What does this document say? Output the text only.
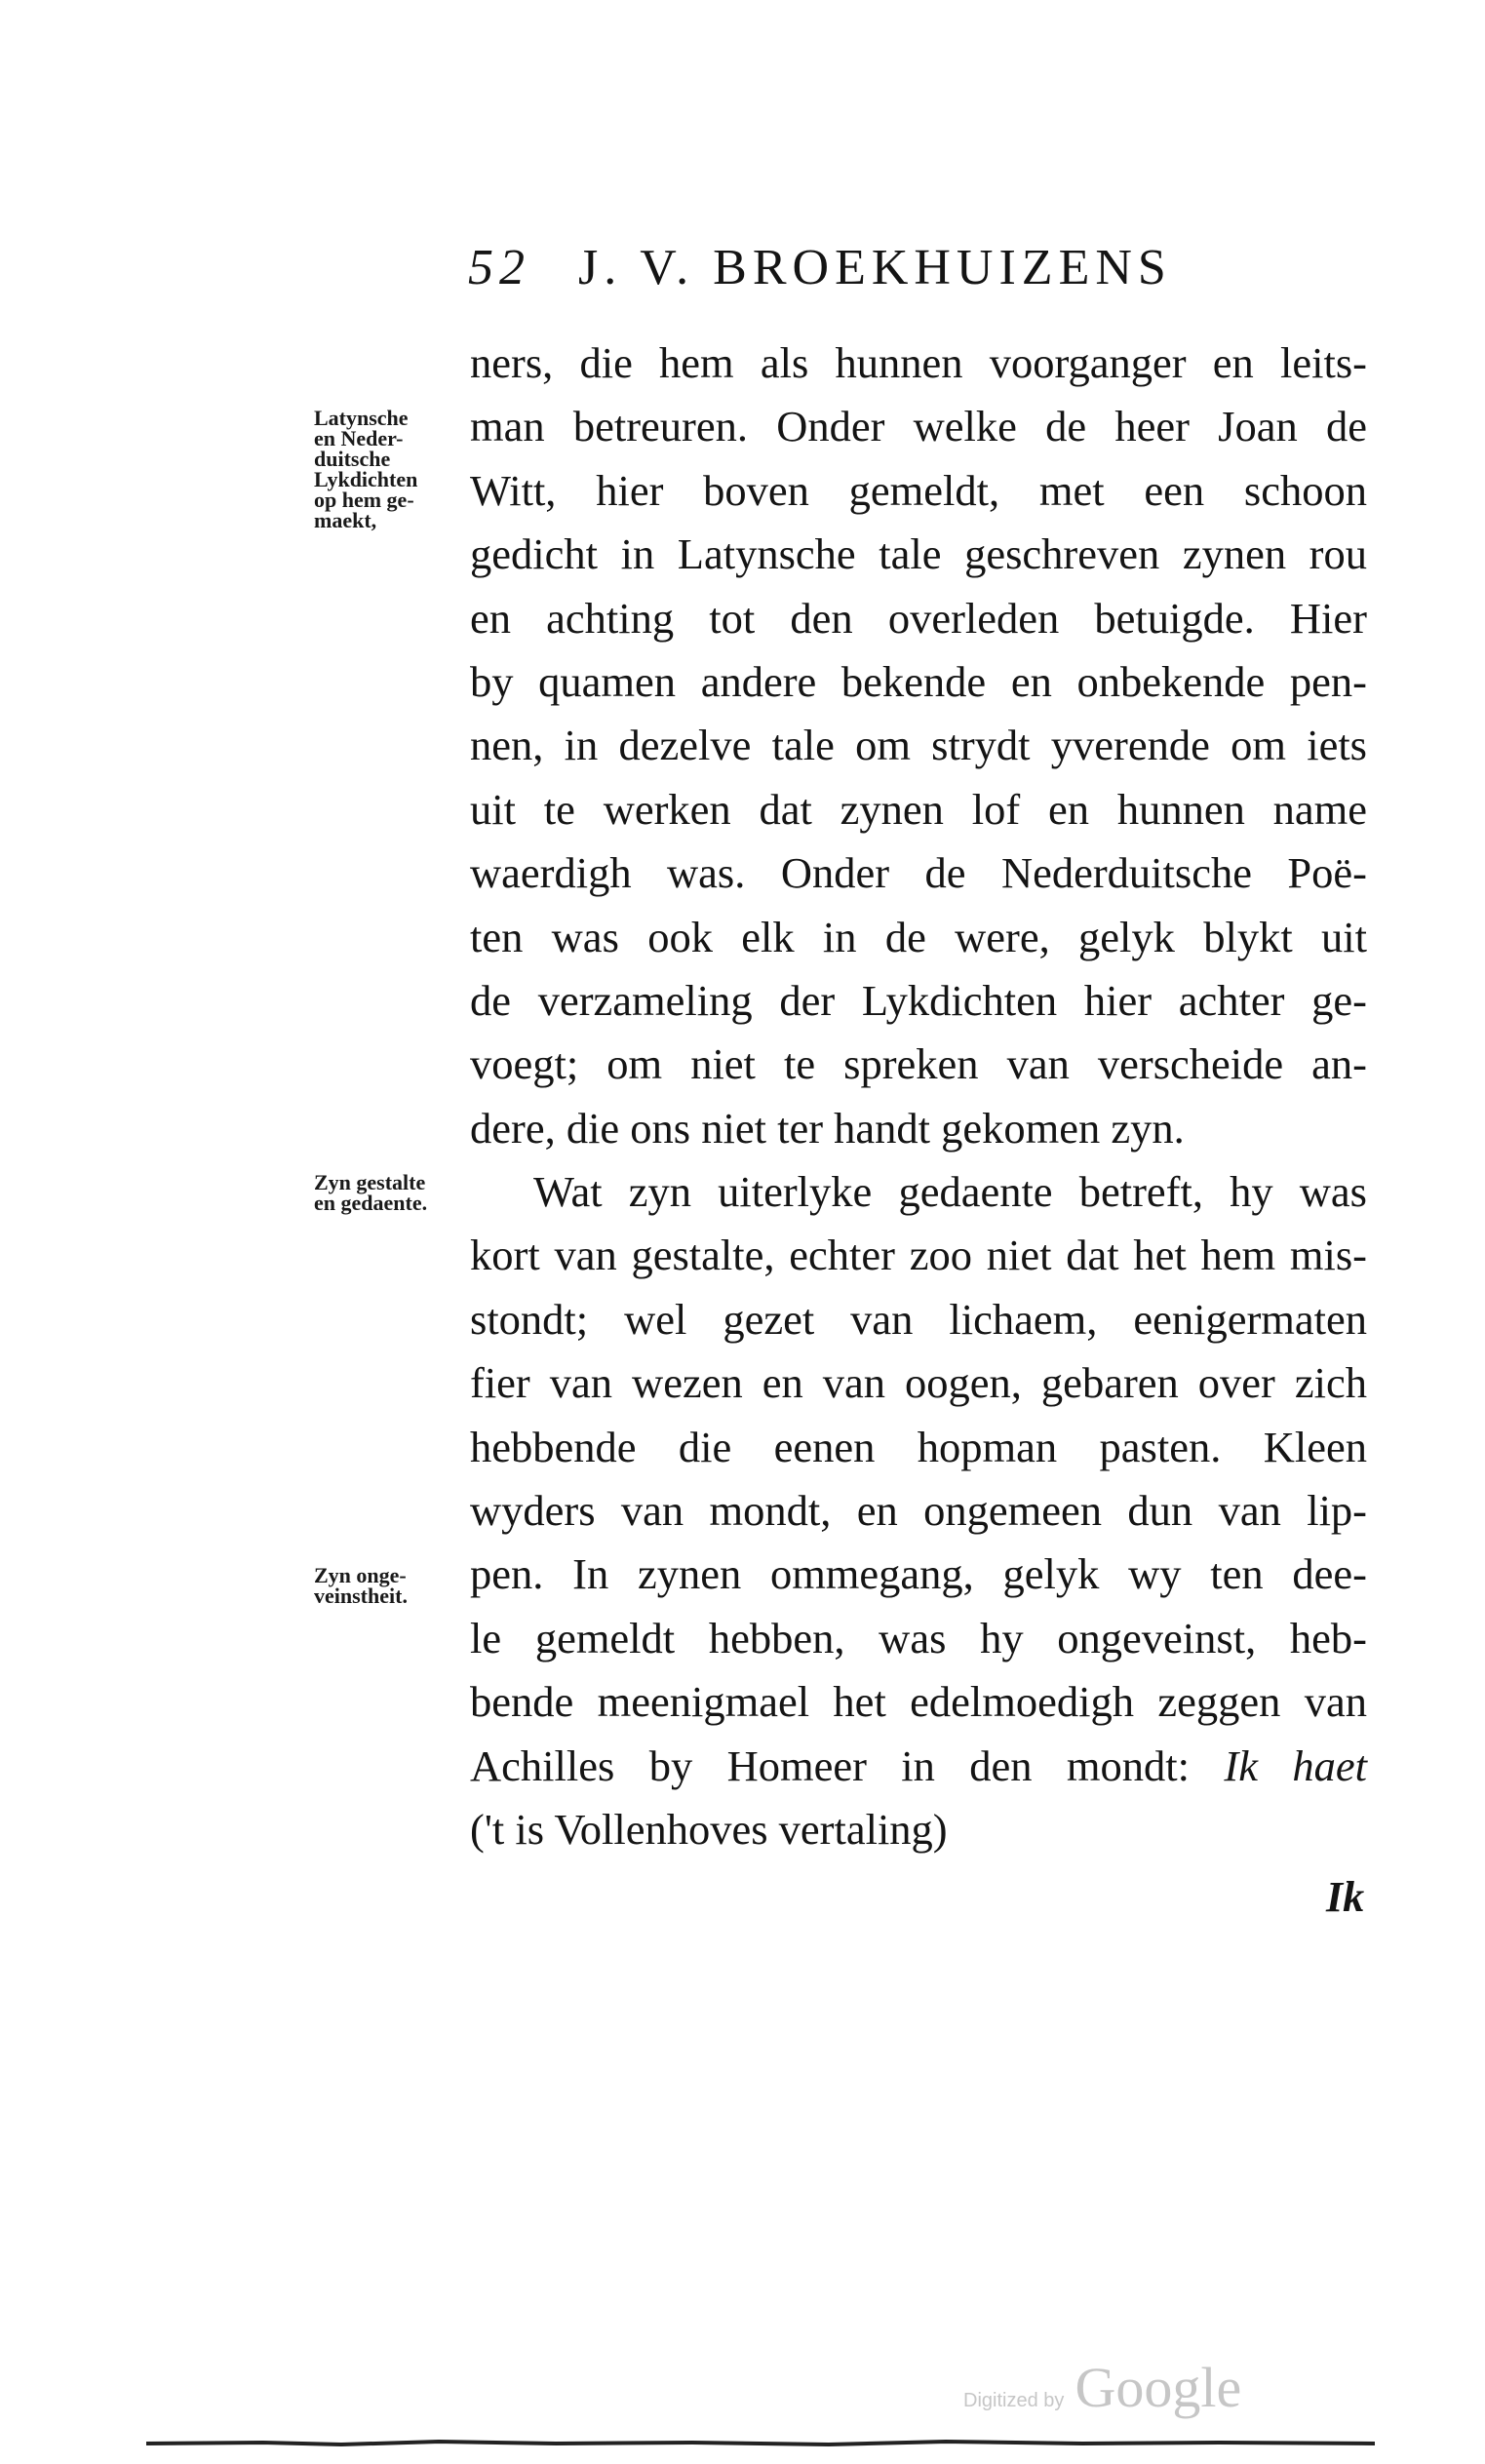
52 J. V. BROEKHUIZENS
Latynsche
en Neder-
duitsche
Lykdichten
op hem ge-
maekt,
Zyn gestalte
en gedaente.
Zyn onge-
veinstheit.
ners, die hem als hunnen voorganger en leits-
man betreuren. Onder welke de heer Joan de
Witt, hier boven gemeldt, met een schoon
gedicht in Latynsche tale geschreven zynen rou
en achting tot den overleden betuigde. Hier
by quamen andere bekende en onbekende pen-
nen, in dezelve tale om strydt yverende om iets
uit te werken dat zynen lof en hunnen name
waerdigh was. Onder de Nederduitsche Poë-
ten was ook elk in de were, gelyk blykt uit
de verzameling der Lykdichten hier achter ge-
voegt; om niet te spreken van verscheide an-
dere, die ons niet ter handt gekomen zyn.
Wat zyn uiterlyke gedaente betreft, hy was
kort van gestalte, echter zoo niet dat het hem mis-
stondt; wel gezet van lichaem, eenigermaten
fier van wezen en van oogen, gebaren over zich
hebbende die eenen hopman pasten. Kleen
wyders van mondt, en ongemeen dun van lip-
pen. In zynen ommegang, gelyk wy ten dee-
le gemeldt hebben, was hy ongeveinst, heb-
bende meenigmael het edelmoedigh zeggen van
Achilles by Homeer in den mondt: Ik haet
('t is Vollenhoves vertaling)
Ik
Digitized by Google
